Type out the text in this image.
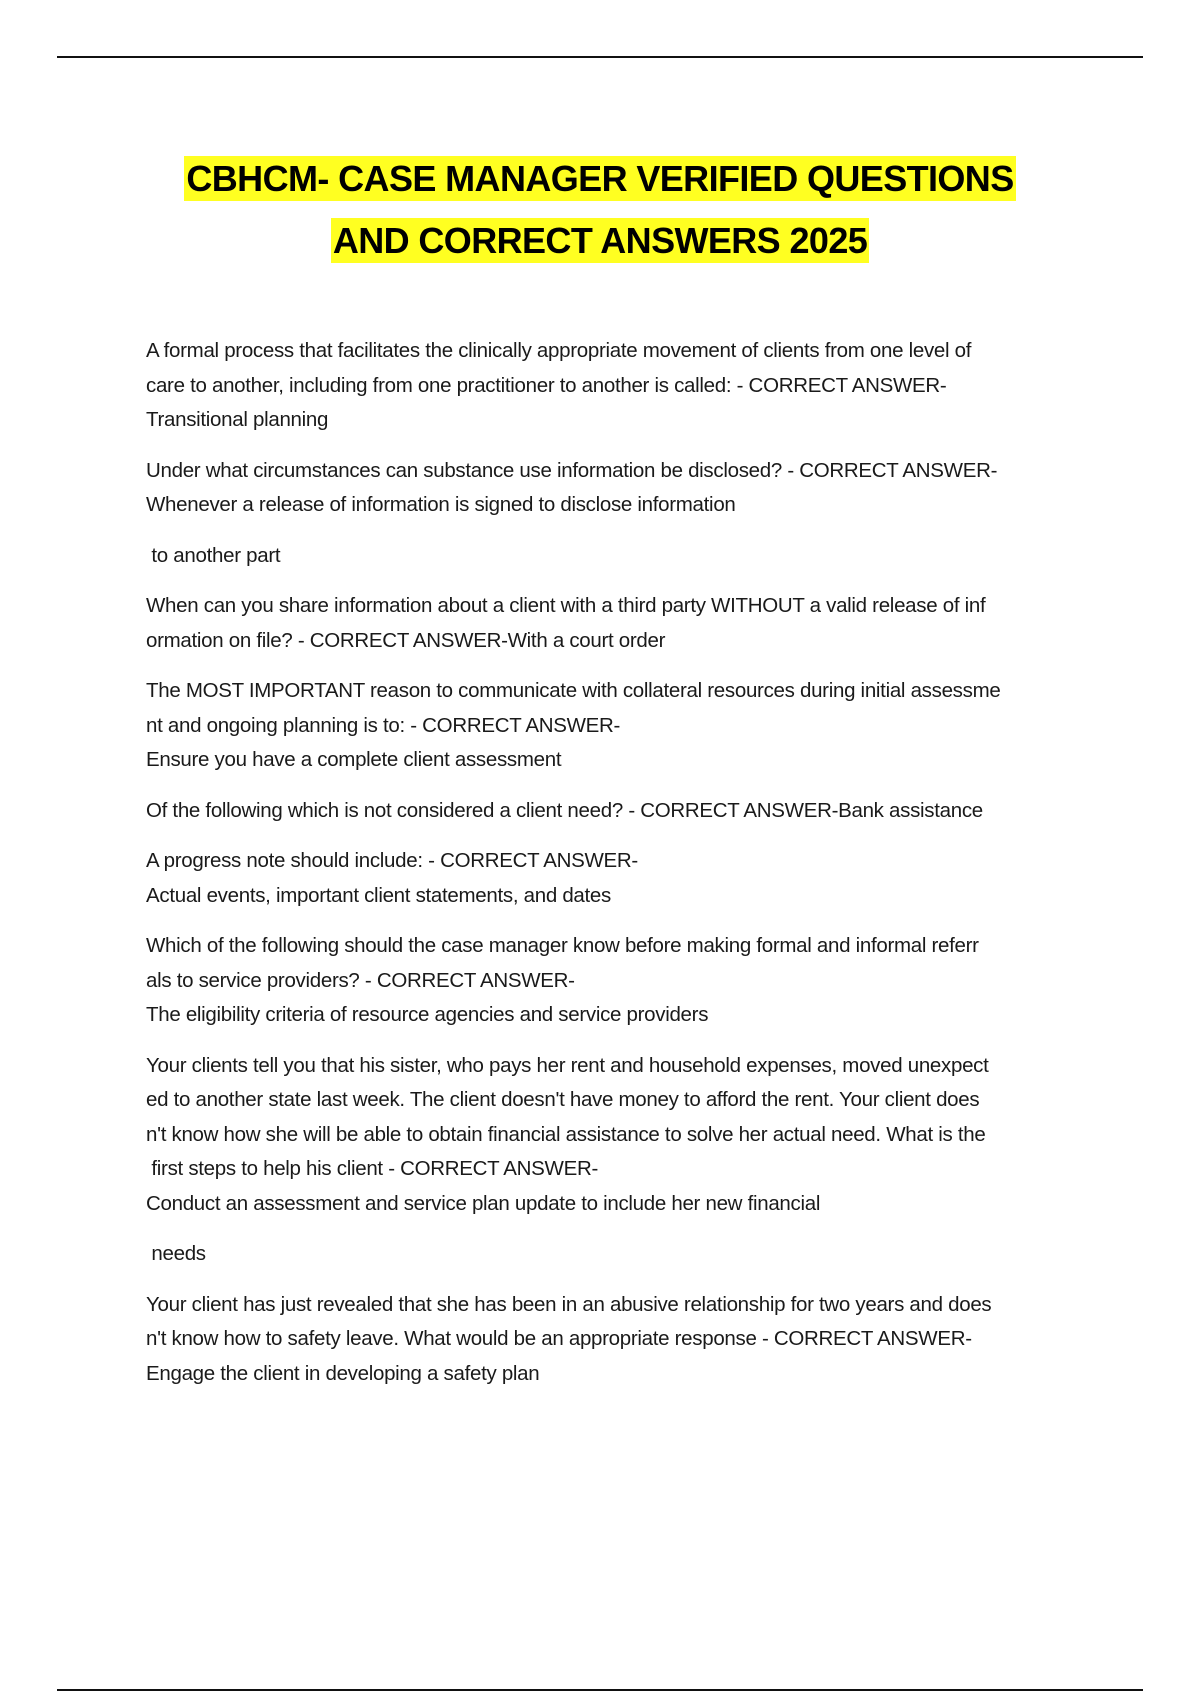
CBHCM- CASE MANAGER VERIFIED QUESTIONS
AND CORRECT ANSWERS 2025
A formal process that facilitates the clinically appropriate movement of clients from one level of
care to another, including from one practitioner to another is called: - CORRECT ANSWER-
Transitional planning
Under what circumstances can substance use information be disclosed? - CORRECT ANSWER-
Whenever a release of information is signed to disclose information
to another part
When can you share information about a client with a third party WITHOUT a valid release of inf
ormation on file? - CORRECT ANSWER-With a court order
The MOST IMPORTANT reason to communicate with collateral resources during initial assessme
nt and ongoing planning is to: - CORRECT ANSWER-
Ensure you have a complete client assessment
Of the following which is not considered a client need? - CORRECT ANSWER-Bank assistance
A progress note should include: - CORRECT ANSWER-
Actual events, important client statements, and dates
Which of the following should the case manager know before making formal and informal referr
als to service providers? - CORRECT ANSWER-
The eligibility criteria of resource agencies and service providers
Your clients tell you that his sister, who pays her rent and household expenses, moved unexpect
ed to another state last week. The client doesn't have money to afford the rent. Your client does
n't know how she will be able to obtain financial assistance to solve her actual need. What is the
first steps to help his client - CORRECT ANSWER-
Conduct an assessment and service plan update to include her new financial
needs
Your client has just revealed that she has been in an abusive relationship for two years and does
n't know how to safety leave. What would be an appropriate response - CORRECT ANSWER-
Engage the client in developing a safety plan
